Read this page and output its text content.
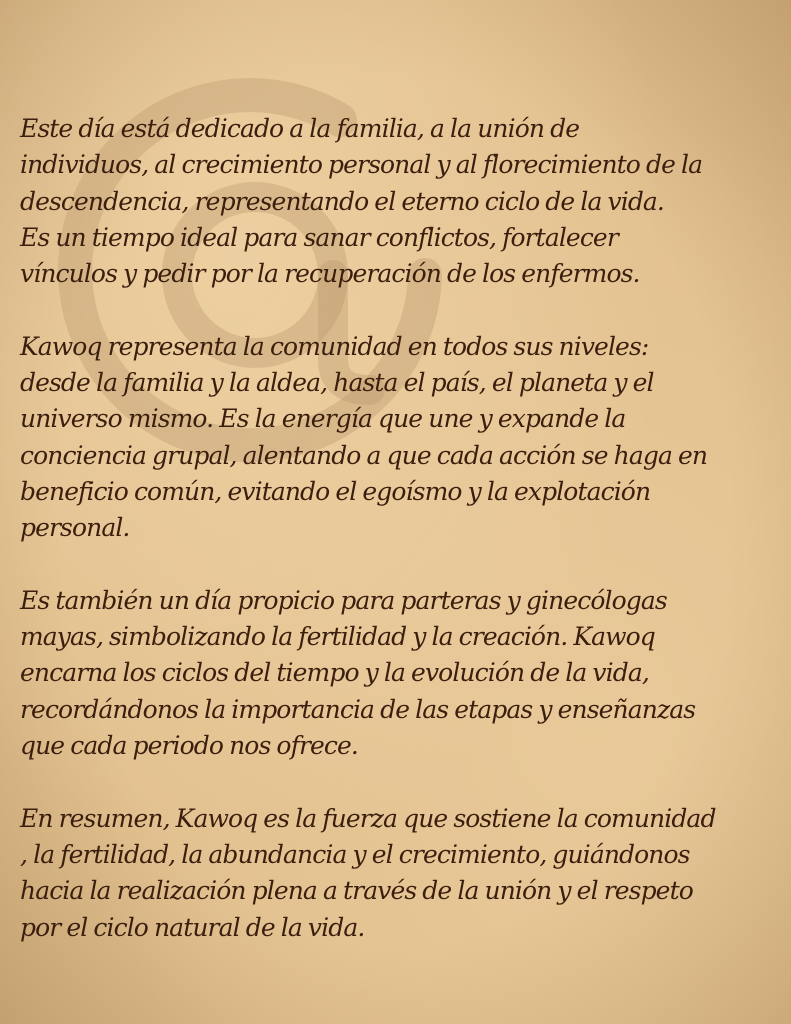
Este día está dedicado a la familia, a la unión de
individuos, al crecimiento personal y al florecimiento de la
descendencia, representando el eterno ciclo de la vida.
Es un tiempo ideal para sanar conflictos, fortalecer
vínculos y pedir por la recuperación de los enfermos.
Kawoq representa la comunidad en todos sus niveles:
desde la familia y la aldea, hasta el país, el planeta y el
universo mismo. Es la energía que une y expande la
conciencia grupal, alentando a que cada acción se haga en
beneficio común, evitando el egoísmo y la explotación
personal.
Es también un día propicio para parteras y ginecólogas
mayas, simbolizando la fertilidad y la creación. Kawoq
encarna los ciclos del tiempo y la evolución de la vida,
recordándonos la importancia de las etapas y enseñanzas
que cada periodo nos ofrece.
En resumen, Kawoq es la fuerza que sostiene la comunidad
, la fertilidad, la abundancia y el crecimiento, guiándonos
hacia la realización plena a través de la unión y el respeto
por el ciclo natural de la vida.
